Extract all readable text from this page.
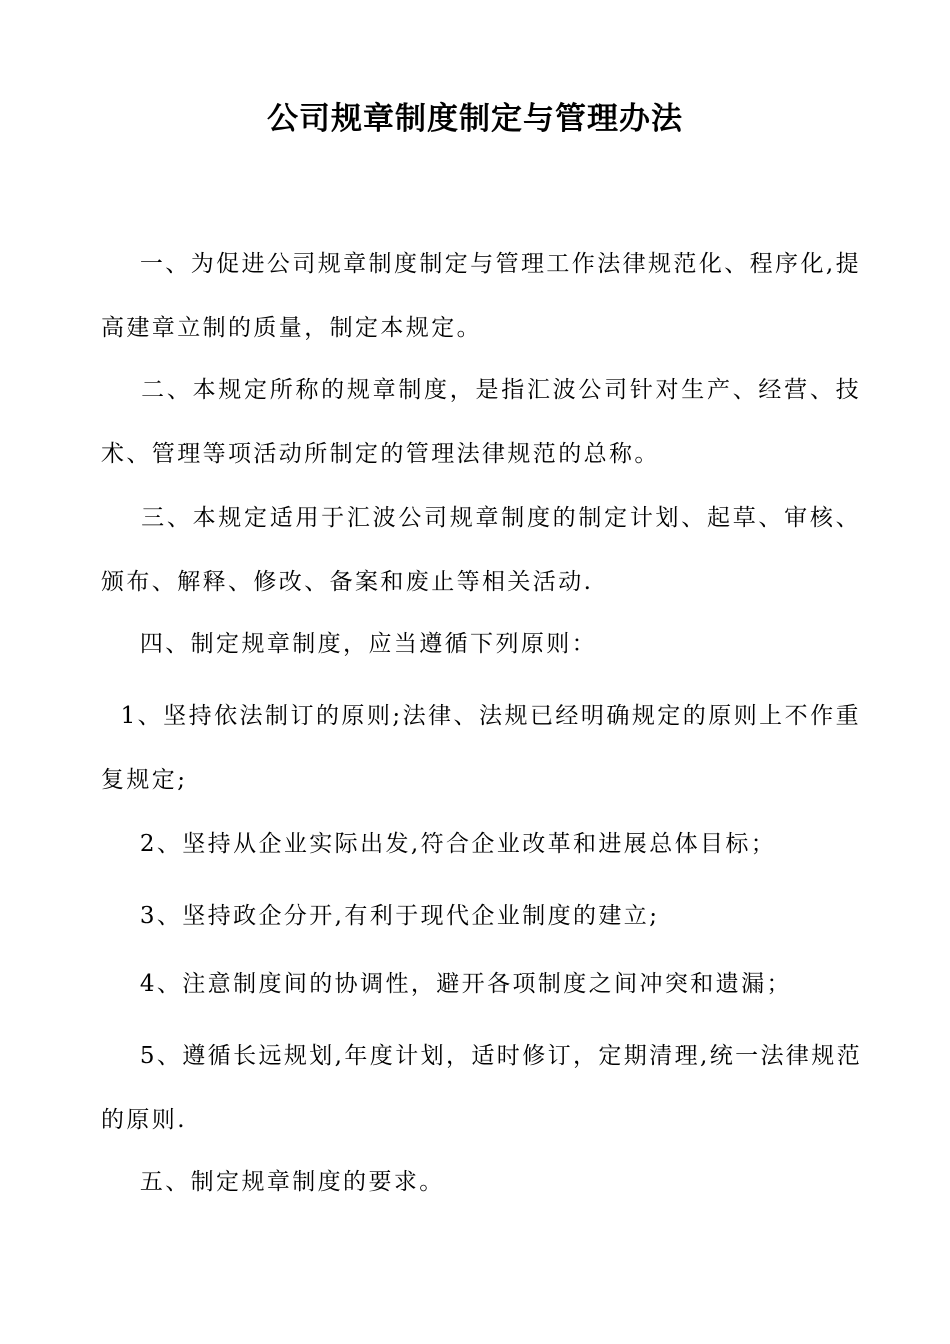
公司规章制度制定与管理办法

一、为促进公司规章制度制定与管理工作法律规范化、程序化,提
高建章立制的质量，制定本规定。

二、本规定所称的规章制度，是指汇波公司针对生产、经营、技
术、管理等项活动所制定的管理法律规范的总称。

三、本规定适用于汇波公司规章制度的制定计划、起草、审核、
颁布、解释、修改、备案和废止等相关活动.

四、制定规章制度，应当遵循下列原则：

1、坚持依法制订的原则;法律、法规已经明确规定的原则上不作重
复规定;

2、坚持从企业实际出发,符合企业改革和进展总体目标；

3、坚持政企分开,有利于现代企业制度的建立;

4、注意制度间的协调性，避开各项制度之间冲突和遗漏；

5、遵循长远规划,年度计划，适时修订，定期清理,统一法律规范
的原则.

五、制定规章制度的要求。
